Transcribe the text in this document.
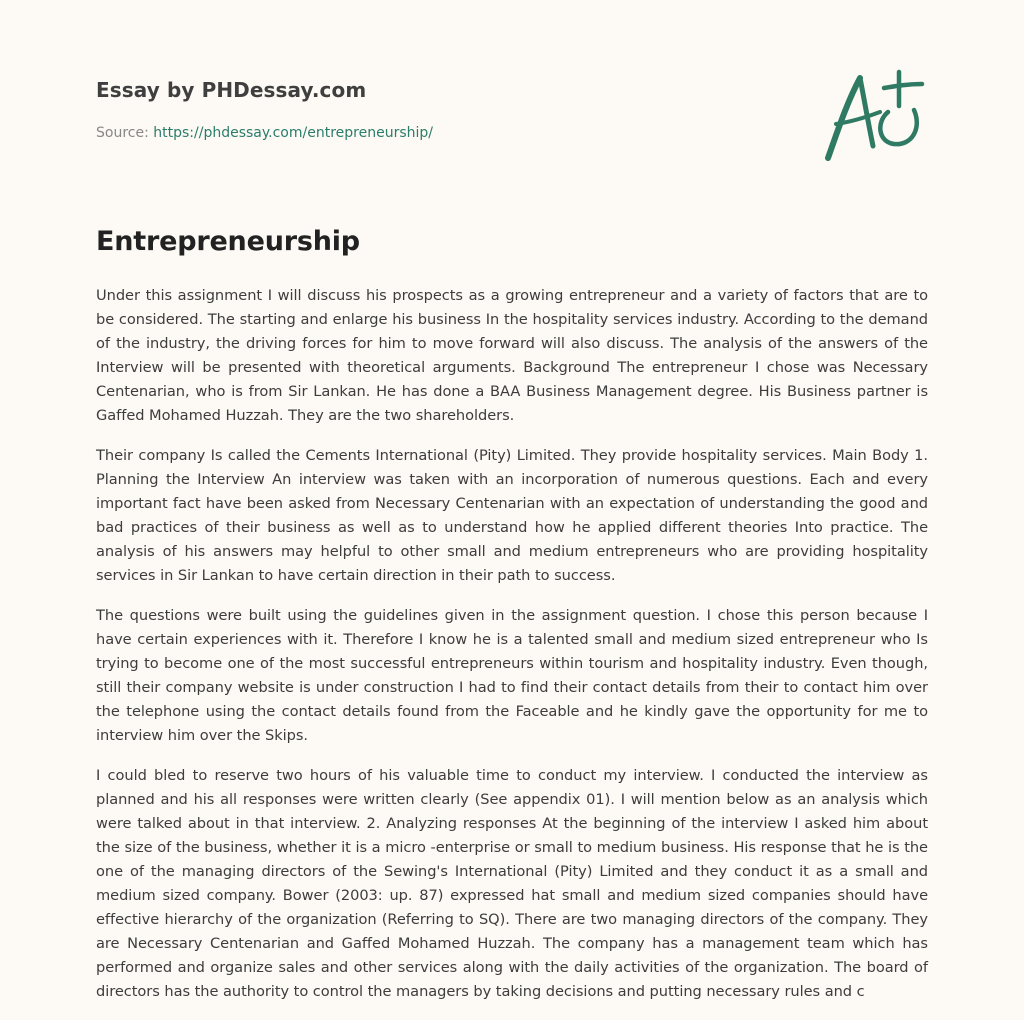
Essay by PHDessay.com
Source: https://phdessay.com/entrepreneurship/
Entrepreneurship

Under this assignment I will discuss his prospects as a growing entrepreneur and a variety of factors that are to be considered. The starting and enlarge his business In the hospitality services industry. According to the demand of the industry, the driving forces for him to move forward will also discuss. The analysis of the answers of the Interview will be presented with theoretical arguments. Background The entrepreneur I chose was Necessary Centenarian, who is from Sir Lankan. He has done a BAA Business Management degree. His Business partner is Gaffed Mohamed Huzzah. They are the two shareholders.

Their company Is called the Cements International (Pity) Limited. They provide hospitality services. Main Body 1. Planning the Interview An interview was taken with an incorporation of numerous questions. Each and every important fact have been asked from Necessary Centenarian with an expectation of understanding the good and bad practices of their business as well as to understand how he applied different theories Into practice. The analysis of his answers may helpful to other small and medium entrepreneurs who are providing hospitality services in Sir Lankan to have certain direction in their path to success.

The questions were built using the guidelines given in the assignment question. I chose this person because I have certain experiences with it. Therefore I know he is a talented small and medium sized entrepreneur who Is trying to become one of the most successful entrepreneurs within tourism and hospitality industry. Even though, still their company website is under construction I had to find their contact details from their to contact him over the telephone using the contact details found from the Faceable and he kindly gave the opportunity for me to interview him over the Skips.

I could bled to reserve two hours of his valuable time to conduct my interview. I conducted the interview as planned and his all responses were written clearly (See appendix 01). I will mention below as an analysis which were talked about in that interview. 2. Analyzing responses At the beginning of the interview I asked him about the size of the business, whether it is a micro -enterprise or small to medium business. His response that he is the one of the managing directors of the Sewing's International (Pity) Limited and they conduct it as a small and medium sized company. Bower (2003: up. 87) expressed hat small and medium sized companies should have effective hierarchy of the organization (Referring to SQ). There are two managing directors of the company. They are Necessary Centenarian and Gaffed Mohamed Huzzah. The company has a management team which has performed and organize sales and other services along with the daily activities of the organization. The board of directors has the authority to control the managers by taking decisions and putting necessary rules and c
